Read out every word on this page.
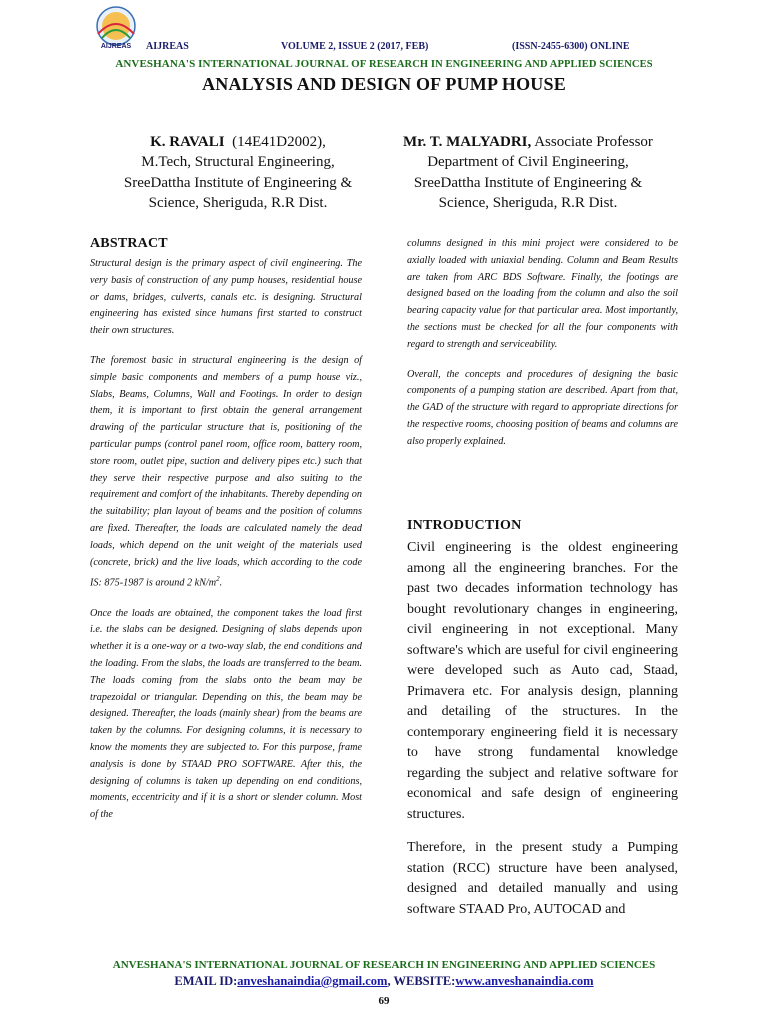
AIJREAS AIJREAS	VOLUME 2, ISSUE 2 (2017, FEB)	(ISSN-2455-6300) ONLINE
ANVESHANA'S INTERNATIONAL JOURNAL OF RESEARCH IN ENGINEERING AND APPLIED SCIENCES
ANALYSIS AND DESIGN OF PUMP HOUSE
K. RAVALI (14E41D2002),
M.Tech, Structural Engineering,
SreeDattha Institute of Engineering &
Science, Sheriguda, R.R Dist.
Mr. T. MALYADRI, Associate Professor
Department of Civil Engineering,
SreeDattha Institute of Engineering &
Science, Sheriguda, R.R Dist.
ABSTRACT

Structural design is the primary aspect of civil engineering. The very basis of construction of any pump houses, residential house or dams, bridges, culverts, canals etc. is designing. Structural engineering has existed since humans first started to construct their own structures.

The foremost basic in structural engineering is the design of simple basic components and members of a pump house viz., Slabs, Beams, Columns, Wall and Footings. In order to design them, it is important to first obtain the general arrangement drawing of the particular structure that is, positioning of the particular pumps (control panel room, office room, battery room, store room, outlet pipe, suction and delivery pipes etc.) such that they serve their respective purpose and also suiting to the requirement and comfort of the inhabitants. Thereby depending on the suitability; plan layout of beams and the position of columns are fixed. Thereafter, the loads are calculated namely the dead loads, which depend on the unit weight of the materials used (concrete, brick) and the live loads, which according to the code IS: 875-1987 is around 2 $kN/m^2$.

Once the loads are obtained, the component takes the load first i.e. the slabs can be designed. Designing of slabs depends upon whether it is a one-way or a two-way slab, the end conditions and the loading. From the slabs, the loads are transferred to the beam. The loads coming from the slabs onto the beam may be trapezoidal or triangular. Depending on this, the beam may be designed. Thereafter, the loads (mainly shear) from the beams are taken by the columns. For designing columns, it is necessary to know the moments they are subjected to. For this purpose, frame analysis is done by STAAD PRO SOFTWARE. After this, the designing of columns is taken up depending on end conditions, moments, eccentricity and if it is a short or slender column. Most of the

columns designed in this mini project were considered to be axially loaded with uniaxial bending. Column and Beam Results are taken from ARC BDS Software. Finally, the footings are designed based on the loading from the column and also the soil bearing capacity value for that particular area. Most importantly, the sections must be checked for all the four components with regard to strength and serviceability.

Overall, the concepts and procedures of designing the basic components of a pumping station are described. Apart from that, the GAD of the structure with regard to appropriate directions for the respective rooms, choosing position of beams and columns are also properly explained.

INTRODUCTION
Civil engineering is the oldest engineering among all the engineering branches. For the past two decades information technology has bought revolutionary changes in engineering, civil engineering in not exceptional. Many software's which are useful for civil engineering were developed such as Auto cad, Staad, Primavera etc. For analysis design, planning and detailing of the structures. In the contemporary engineering field it is necessary to have strong fundamental knowledge regarding the subject and relative software for economical and safe design of engineering structures.
Therefore, in the present study a Pumping station (RCC) structure have been analysed, designed and detailed manually and using software STAAD Pro, AUTOCAD and
ANVESHANA'S INTERNATIONAL JOURNAL OF RESEARCH IN ENGINEERING AND APPLIED SCIENCES
EMAIL ID:anveshanaindia@gmail.com, WEBSITE:www.anveshanaindia.com
69
